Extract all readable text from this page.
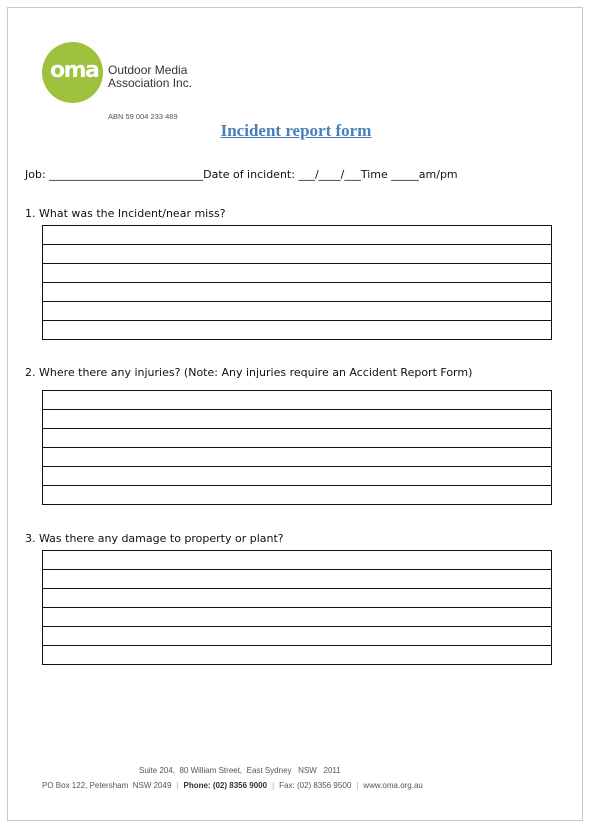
oma Outdoor Media
Association Inc.
ABN 59 004 233 489
Incident report form
Job: ____________________________Date of incident: ___/____/___Time _____am/pm
1. What was the Incident/near miss?

2. Where there any injuries? (Note: Any injuries require an Accident Report Form)

3. Was there any damage to property or plant?

Suite 204,  80 William Street,  East Sydney   NSW   2011
PO Box 122, Petersham  NSW 2049 | Phone: (02) 8356 9000 | Fax: (02) 8356 9500 | www.oma.org.au
